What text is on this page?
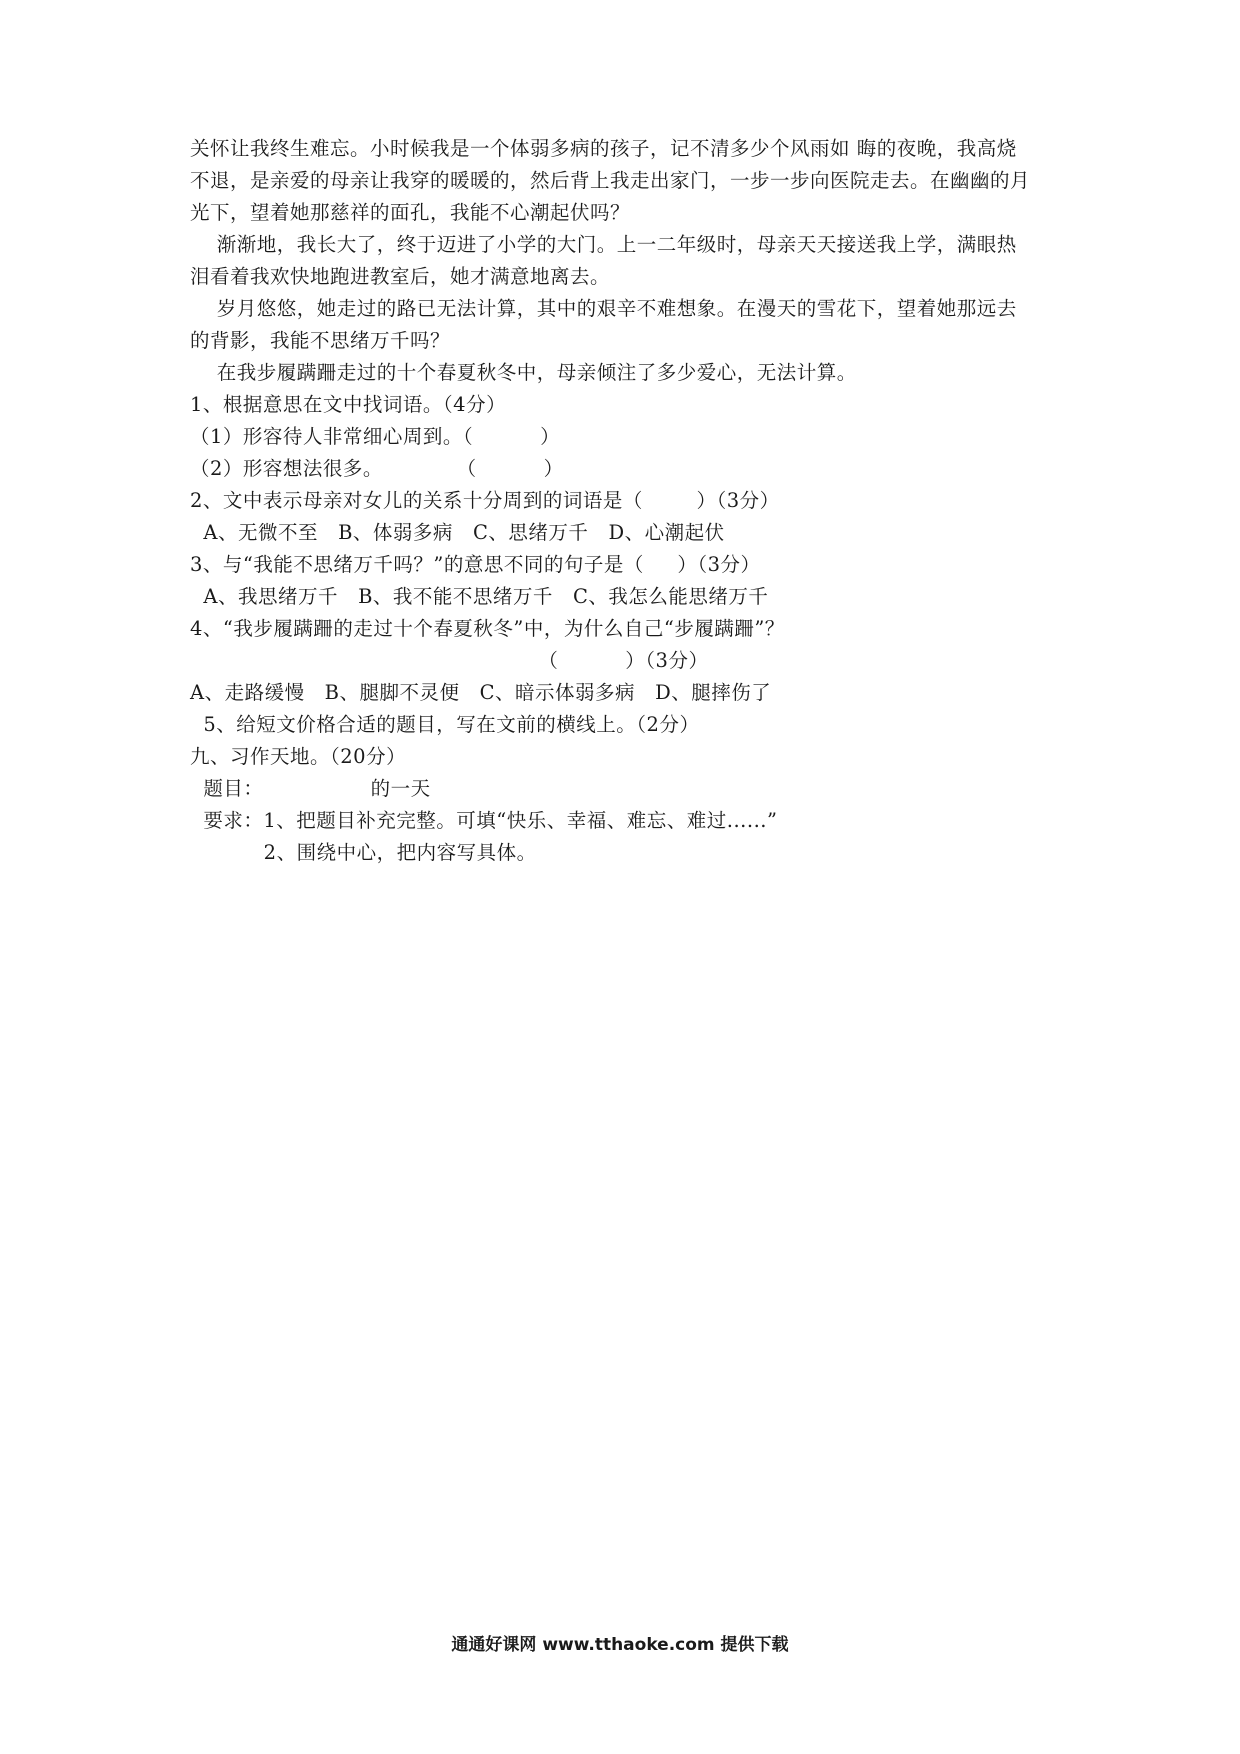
关怀让我终生难忘。小时候我是一个体弱多病的孩子，记不清多少个风雨如 晦的夜晚，我高烧
不退，是亲爱的母亲让我穿的暖暖的，然后背上我走出家门，一步一步向医院走去。在幽幽的月
光下，望着她那慈祥的面孔，我能不心潮起伏吗？
渐渐地，我长大了，终于迈进了小学的大门。上一二年级时，母亲天天接送我上学，满眼热
泪看着我欢快地跑进教室后，她才满意地离去。
岁月悠悠，她走过的路已无法计算，其中的艰辛不难想象。在漫天的雪花下，望着她那远去
的背影，我能不思绪万千吗？
在我步履蹒跚走过的十个春夏秋冬中，母亲倾注了多少爱心，无法计算。
1、根据意思在文中找词语。（4分）
（1）形容待人非常细心周到。（          ）
（2）形容想法很多。           （          ）
2、文中表示母亲对女儿的关系十分周到的词语是（        ）（3分）
A、无微不至   B、体弱多病   C、思绪万千   D、心潮起伏
3、与“我能不思绪万千吗？”的意思不同的句子是（     ）（3分）
A、我思绪万千   B、我不能不思绪万千   C、我怎么能思绪万千
4、“我步履蹒跚的走过十个春夏秋冬”中，为什么自己“步履蹒跚”？
（          ）（3分）
A、走路缓慢   B、腿脚不灵便   C、暗示体弱多病   D、腿摔伤了
5、给短文价格合适的题目，写在文前的横线上。（2分）
九、习作天地。（20分）
题目：                的一天
要求：1、把题目补充完整。可填“快乐、幸福、难忘、难过......”
2、围绕中心，把内容写具体。
通通好课网 www.tthaoke.com 提供下载
